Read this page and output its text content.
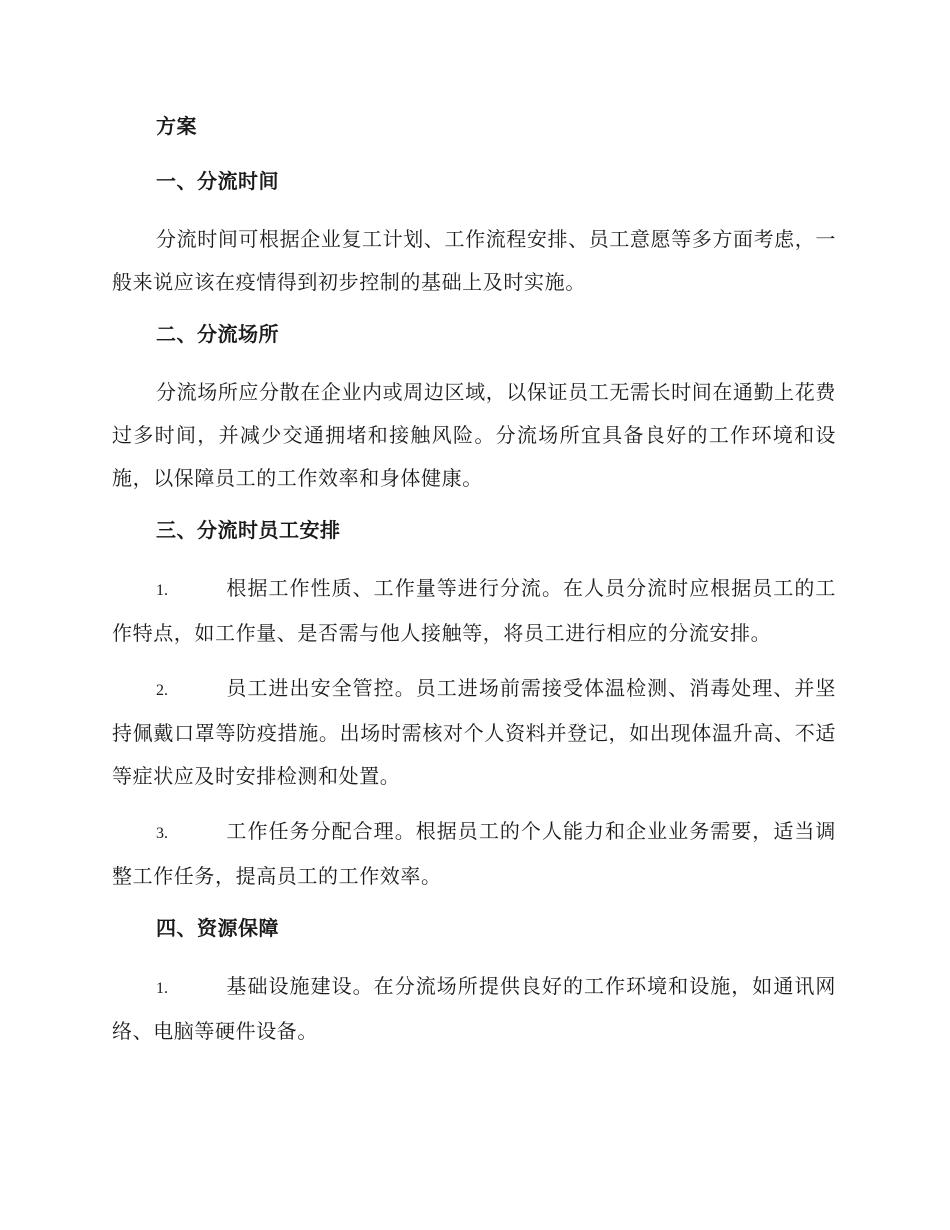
方案
一、分流时间

分流时间可根据企业复工计划、工作流程安排、员工意愿等多方面考虑，一般来说应该在疫情得到初步控制的基础上及时实施。

二、分流场所

分流场所应分散在企业内或周边区域，以保证员工无需长时间在通勤上花费过多时间，并减少交通拥堵和接触风险。分流场所宜具备良好的工作环境和设施，以保障员工的工作效率和身体健康。

三、分流时员工安排

1.	根据工作性质、工作量等进行分流。在人员分流时应根据员工的工作特点，如工作量、是否需与他人接触等，将员工进行相应的分流安排。

2.	员工进出安全管控。员工进场前需接受体温检测、消毒处理、并坚持佩戴口罩等防疫措施。出场时需核对个人资料并登记，如出现体温升高、不适等症状应及时安排检测和处置。

3.	工作任务分配合理。根据员工的个人能力和企业业务需要，适当调整工作任务，提高员工的工作效率。

四、资源保障

1.	基础设施建设。在分流场所提供良好的工作环境和设施，如通讯网络、电脑等硬件设备。
